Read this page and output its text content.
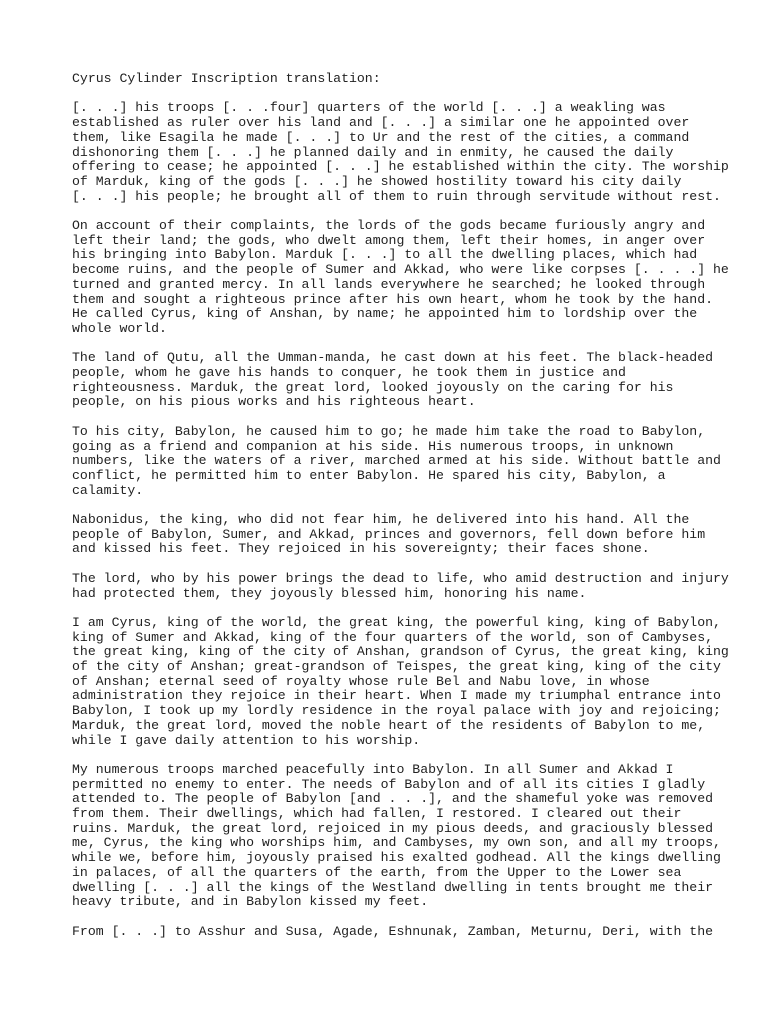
Cyrus Cylinder Inscription translation:
[. . .] his troops [. . .four] quarters of the world [. . .] a weakling was
established as ruler over his land and [. . .] a similar one he appointed over
them, like Esagila he made [. . .] to Ur and the rest of the cities, a command
dishonoring them [. . .] he planned daily and in enmity, he caused the daily
offering to cease; he appointed [. . .] he established within the city. The worship
of Marduk, king of the gods [. . .] he showed hostility toward his city daily
[. . .] his people; he brought all of them to ruin through servitude without rest.
On account of their complaints, the lords of the gods became furiously angry and
left their land; the gods, who dwelt among them, left their homes, in anger over
his bringing into Babylon. Marduk [. . .] to all the dwelling places, which had
become ruins, and the people of Sumer and Akkad, who were like corpses [. . . .] he
turned and granted mercy. In all lands everywhere he searched; he looked through
them and sought a righteous prince after his own heart, whom he took by the hand.
He called Cyrus, king of Anshan, by name; he appointed him to lordship over the
whole world.
The land of Qutu, all the Umman-manda, he cast down at his feet. The black-headed
people, whom he gave his hands to conquer, he took them in justice and
righteousness. Marduk, the great lord, looked joyously on the caring for his
people, on his pious works and his righteous heart.
To his city, Babylon, he caused him to go; he made him take the road to Babylon,
going as a friend and companion at his side. His numerous troops, in unknown
numbers, like the waters of a river, marched armed at his side. Without battle and
conflict, he permitted him to enter Babylon. He spared his city, Babylon, a
calamity.
Nabonidus, the king, who did not fear him, he delivered into his hand. All the
people of Babylon, Sumer, and Akkad, princes and governors, fell down before him
and kissed his feet. They rejoiced in his sovereignty; their faces shone.
The lord, who by his power brings the dead to life, who amid destruction and injury
had protected them, they joyously blessed him, honoring his name.
I am Cyrus, king of the world, the great king, the powerful king, king of Babylon,
king of Sumer and Akkad, king of the four quarters of the world, son of Cambyses,
the great king, king of the city of Anshan, grandson of Cyrus, the great king, king
of the city of Anshan; great-grandson of Teispes, the great king, king of the city
of Anshan; eternal seed of royalty whose rule Bel and Nabu love, in whose
administration they rejoice in their heart. When I made my triumphal entrance into
Babylon, I took up my lordly residence in the royal palace with joy and rejoicing;
Marduk, the great lord, moved the noble heart of the residents of Babylon to me,
while I gave daily attention to his worship.
My numerous troops marched peacefully into Babylon. In all Sumer and Akkad I
permitted no enemy to enter. The needs of Babylon and of all its cities I gladly
attended to. The people of Babylon [and . . .], and the shameful yoke was removed
from them. Their dwellings, which had fallen, I restored. I cleared out their
ruins. Marduk, the great lord, rejoiced in my pious deeds, and graciously blessed
me, Cyrus, the king who worships him, and Cambyses, my own son, and all my troops,
while we, before him, joyously praised his exalted godhead. All the kings dwelling
in palaces, of all the quarters of the earth, from the Upper to the Lower sea
dwelling [. . .] all the kings of the Westland dwelling in tents brought me their
heavy tribute, and in Babylon kissed my feet.
From [. . .] to Asshur and Susa, Agade, Eshnunak, Zamban, Meturnu, Deri, with the
